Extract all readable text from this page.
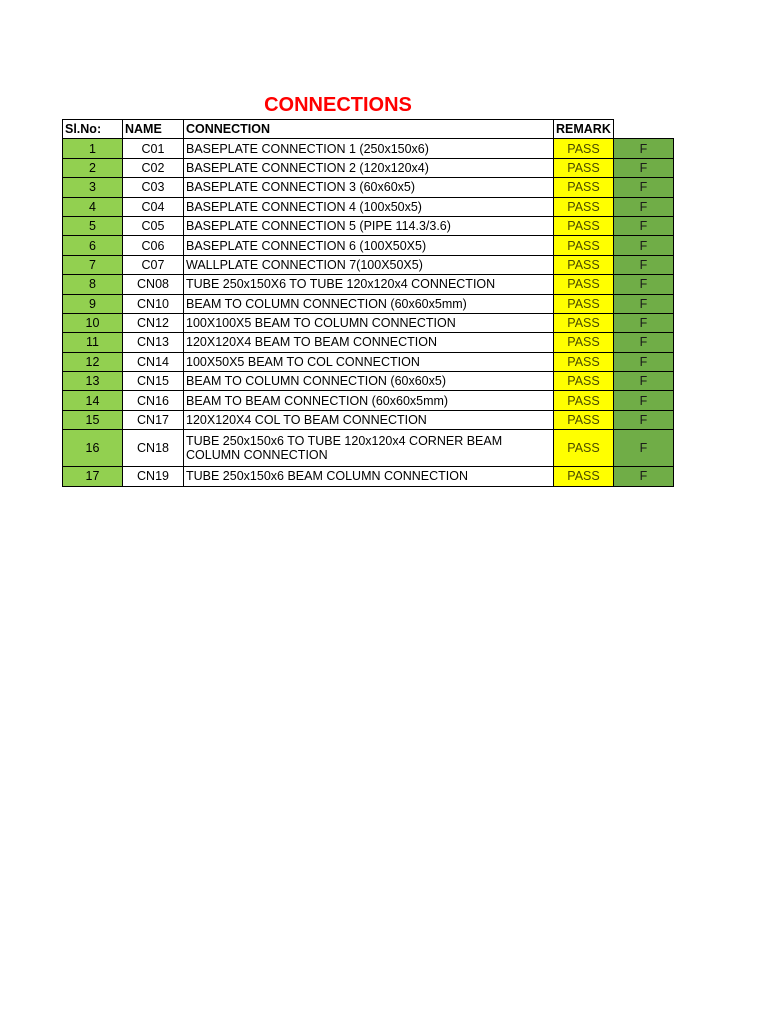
CONNECTIONS
Sl.No:	NAME	CONNECTION	REMARK	
1	C01	BASEPLATE CONNECTION 1 (250x150x6)	PASS	F
2	C02	BASEPLATE CONNECTION 2 (120x120x4)	PASS	F
3	C03	BASEPLATE CONNECTION 3 (60x60x5)	PASS	F
4	C04	BASEPLATE CONNECTION 4 (100x50x5)	PASS	F
5	C05	BASEPLATE CONNECTION 5 (PIPE 114.3/3.6)	PASS	F
6	C06	BASEPLATE CONNECTION 6 (100X50X5)	PASS	F
7	C07	WALLPLATE CONNECTION 7(100X50X5)	PASS	F
8	CN08	TUBE 250x150X6 TO TUBE 120x120x4 CONNECTION	PASS	F
9	CN10	BEAM TO COLUMN CONNECTION (60x60x5mm)	PASS	F
10	CN12	100X100X5 BEAM TO COLUMN CONNECTION	PASS	F
11	CN13	120X120X4 BEAM TO BEAM CONNECTION	PASS	F
12	CN14	100X50X5 BEAM TO COL CONNECTION	PASS	F
13	CN15	BEAM TO COLUMN CONNECTION (60x60x5)	PASS	F
14	CN16	BEAM TO BEAM CONNECTION (60x60x5mm)	PASS	F
15	CN17	120X120X4 COL TO BEAM CONNECTION	PASS	F
16	CN18	TUBE 250x150x6 TO TUBE 120x120x4 CORNER BEAM COLUMN CONNECTION	PASS	F
17	CN19	TUBE 250x150x6 BEAM COLUMN CONNECTION	PASS	F
